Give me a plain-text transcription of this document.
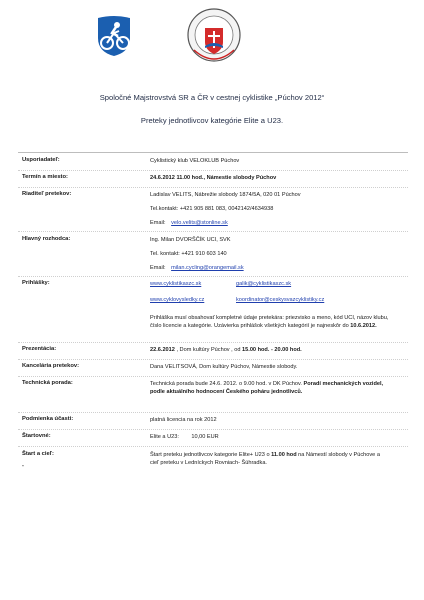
Spoločné Majstrovstvá SR a ČR v cestnej cyklistike „Púchov 2012“
Preteky jednotlivcov kategórie Elite a U23.
Usporiadateľ:	Cyklistický klub VELOKLUB Púchov
Termín a miesto:	24.6.2012 11.00 hod., Námestie slobody Púchov
Riaditeľ pretekov:	Ladislav VELITS, Nábrežie slobody 1874/5A, 020 01 Púchov
Tel.kontakt: +421 905 881 083, 0042142/4634938
Email: velo.velits@stonline.sk
Hlavný rozhodca:	Ing. Milan DVORŠČÍK UCI, SVK
Tel. kontakt: +421 910 603 140
Email: milan.cycling@orangemail.sk
Prihlášky:	www.cyklistikaszc.sk	galik@cyklistikaszc.sk
www.cyklovysledky.cz	koordinator@ceskysvazcyklistiky.cz
Prihláška musí obsahovať kompletné údaje pretekára: priezvisko a meno, kód UCI, názov klubu, číslo licencie a kategórie. Uzávierka prihlášok všetkých kategórií je najneskôr do 10.6.2012.
Prezentácia:	22.6.2012 , Dom kultúry Púchov , od 15.00 hod. - 20.00 hod.
Kancelária pretekov:	Dana VELITSOVÁ, Dom kultúry Púchov, Námestie slobody.
Technická porada:	Technická porada bude 24.6. 2012. o 9.00 hod. v DK Púchov. Poradí mechanických vozidel, podle aktuálního hodnocení Českého poháru jednotlivců.
Podmienka účasti:	platná licencia na rok 2012
Štartovné:	Elite a U23:        10,00 EUR
Štart a cieľ:
-
Štart preteku jednotlivcov kategorie Elite+ U23 o 11.00 hod na Námestí slobody v Púchove a cieľ preteku v Ledníckych Rovniach- Šúhradka.
